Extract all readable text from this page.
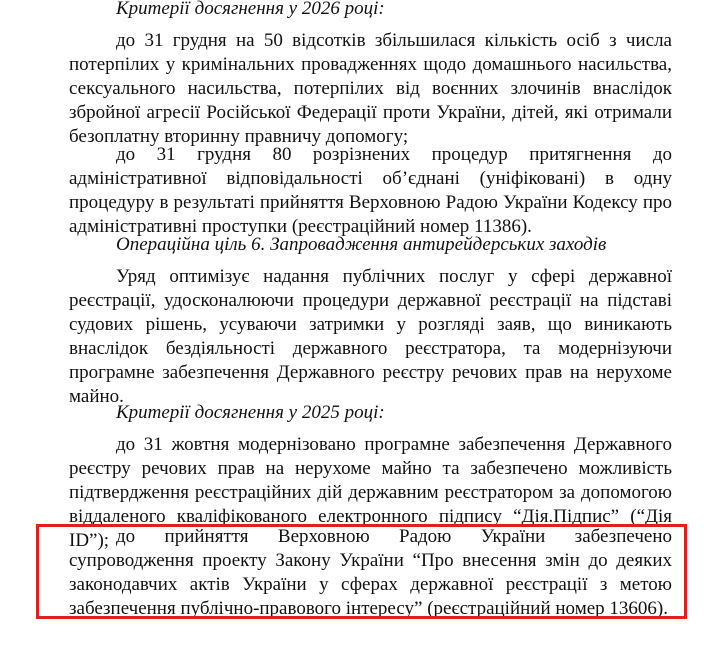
Критерії досягнення у 2026 році:

до 31 грудня на 50 відсотків збільшилася кількість осіб з числа потерпілих у кримінальних провадженнях щодо домашнього насильства, сексуального насильства, потерпілих від воєнних злочинів внаслідок збройної агресії Російської Федерації проти України, дітей, які отримали безоплатну вторинну правничу допомогу;

до 31 грудня 80 розрізнених процедур притягнення до адміністративної відповідальності об’єднані (уніфіковані) в одну процедуру в результаті прийняття Верховною Радою України Кодексу про адміністративні проступки (реєстраційний номер 11386).

Операційна ціль 6. Запровадження антирейдерських заходів

Уряд оптимізує надання публічних послуг у сфері державної реєстрації, удосконалюючи процедури державної реєстрації на підставі судових рішень, усуваючи затримки у розгляді заяв, що виникають внаслідок бездіяльності державного реєстратора, та модернізуючи програмне забезпечення Державного реєстру речових прав на нерухоме майно.

Критерії досягнення у 2025 році:

до 31 жовтня модернізовано програмне забезпечення Державного реєстру речових прав на нерухоме майно та забезпечено можливість підтвердження реєстраційних дій державним реєстратором за допомогою віддаленого кваліфікованого електронного підпису “Дія.Підпис” (“Дія ID”); до прийняття Верховною Радою України забезпечено супроводження проекту Закону України “Про внесення змін до деяких законодавчих актів України у сферах державної реєстрації з метою забезпечення публічно-правового інтересу” (реєстраційний номер 13606).
